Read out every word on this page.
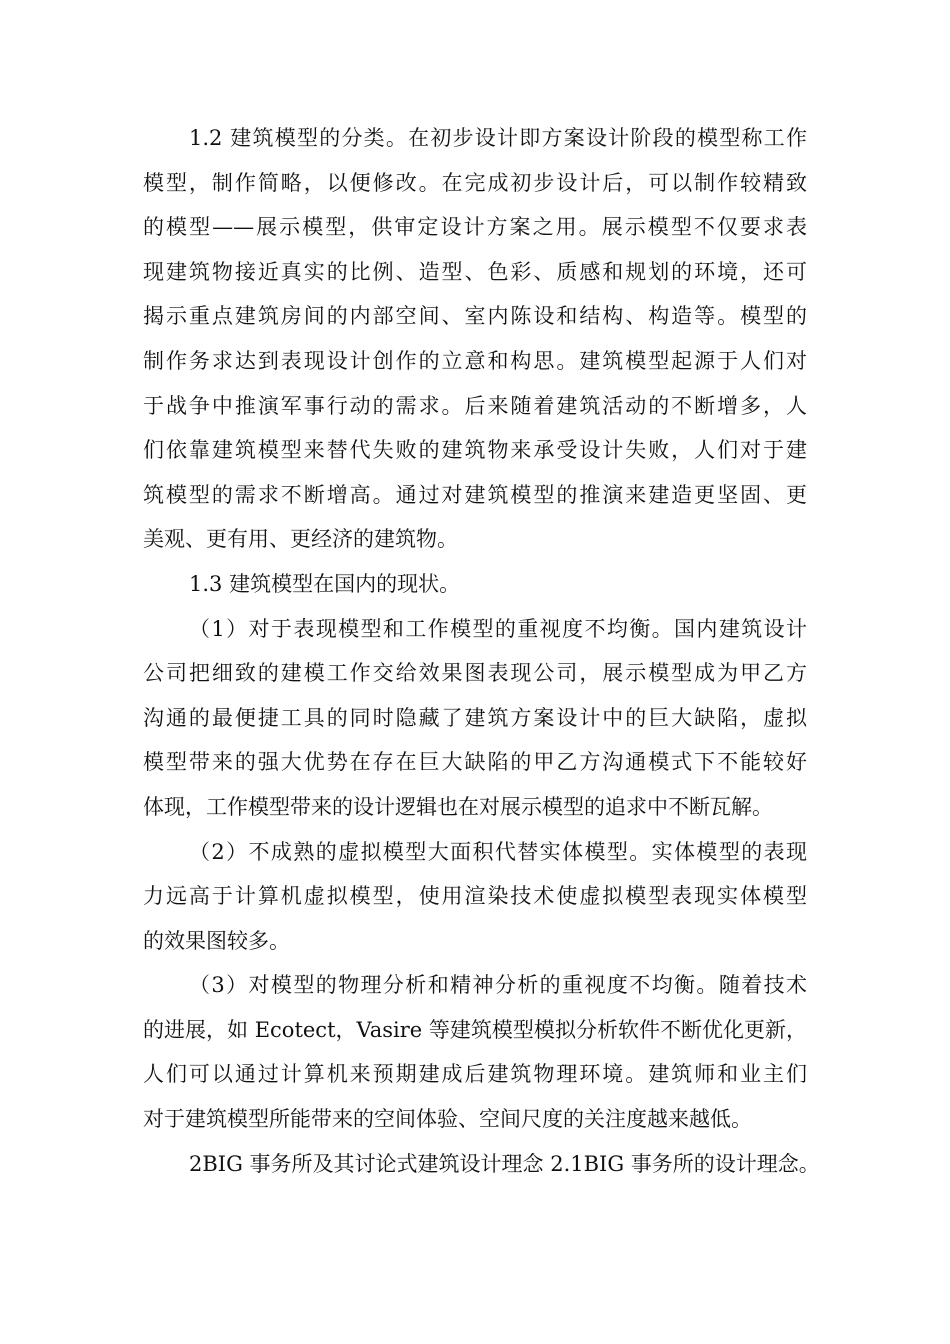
1.2 建筑模型的分类。在初步设计即方案设计阶段的模型称工作
模型，制作简略，以便修改。在完成初步设计后，可以制作较精致
的模型——展示模型，供审定设计方案之用。展示模型不仅要求表
现建筑物接近真实的比例、造型、色彩、质感和规划的环境，还可
揭示重点建筑房间的内部空间、室内陈设和结构、构造等。模型的
制作务求达到表现设计创作的立意和构思。建筑模型起源于人们对
于战争中推演军事行动的需求。后来随着建筑活动的不断增多，人
们依靠建筑模型来替代失败的建筑物来承受设计失败，人们对于建
筑模型的需求不断增高。通过对建筑模型的推演来建造更坚固、更
美观、更有用、更经济的建筑物。

1.3 建筑模型在国内的现状。

（1）对于表现模型和工作模型的重视度不均衡。国内建筑设计
公司把细致的建模工作交给效果图表现公司，展示模型成为甲乙方
沟通的最便捷工具的同时隐藏了建筑方案设计中的巨大缺陷，虚拟
模型带来的强大优势在存在巨大缺陷的甲乙方沟通模式下不能较好
体现，工作模型带来的设计逻辑也在对展示模型的追求中不断瓦解。

（2）不成熟的虚拟模型大面积代替实体模型。实体模型的表现
力远高于计算机虚拟模型，使用渲染技术使虚拟模型表现实体模型
的效果图较多。

（3）对模型的物理分析和精神分析的重视度不均衡。随着技术
的进展，如 Ecotect，Vasire 等建筑模型模拟分析软件不断优化更新，
人们可以通过计算机来预期建成后建筑物理环境。建筑师和业主们
对于建筑模型所能带来的空间体验、空间尺度的关注度越来越低。

2BIG 事务所及其讨论式建筑设计理念 2.1BIG 事务所的设计理念。
